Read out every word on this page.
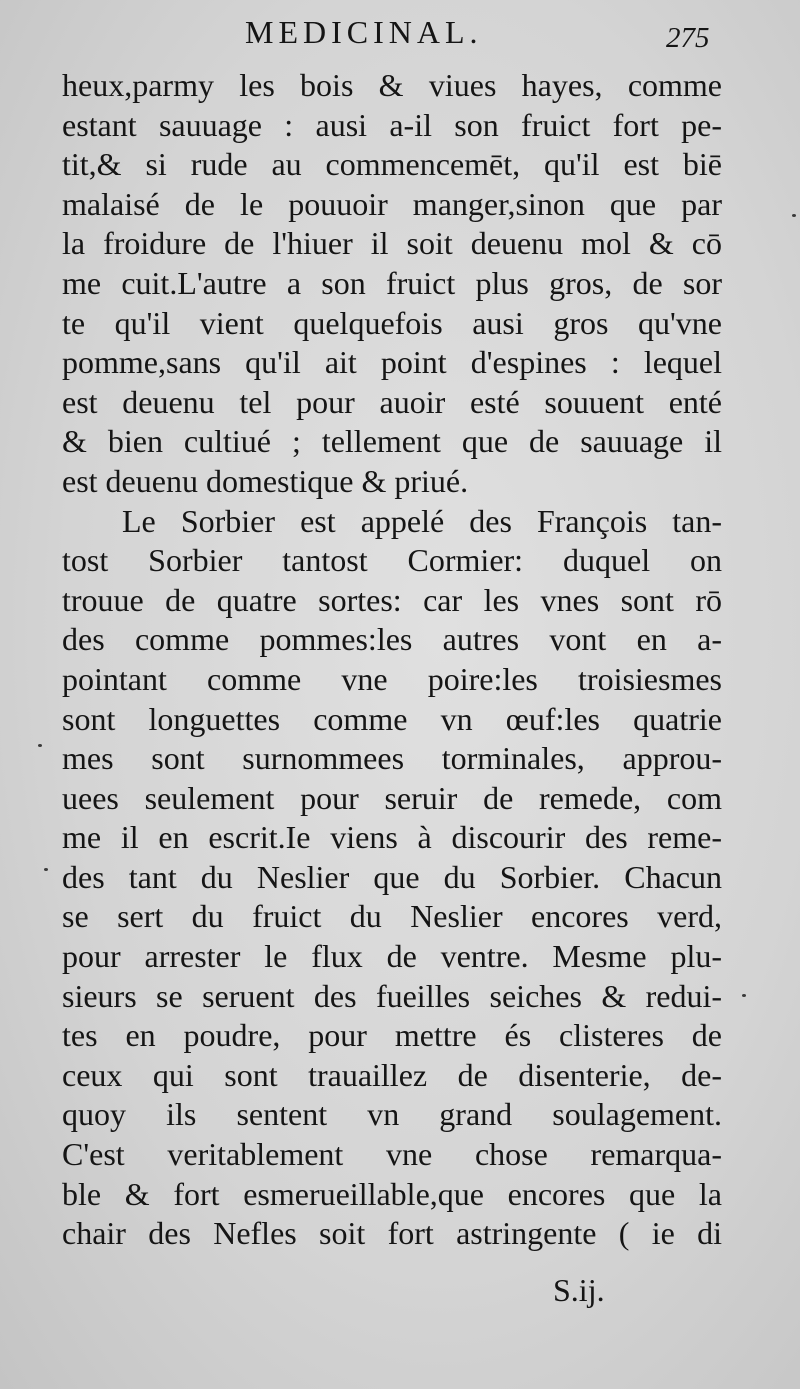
MEDICINAL.	275
heux,parmy les bois & viues hayes, comme
estant sauuage : ausi a-il son fruict fort pe-
tit,& si rude au commencemēt, qu'il est biē
malaisé de le pouuoir manger,sinon que par
la froidure de l'hiuer il soit deuenu mol & cō
me cuit.L'autre a son fruict plus gros, de sor
te qu'il vient quelquefois ausi gros qu'vne
pomme,sans qu'il ait point d'espines : lequel
est deuenu tel pour auoir esté souuent enté
& bien cultiué ; tellement que de sauuage il
est deuenu domestique & priué.
Le Sorbier est appelé des François tan-
tost Sorbier tantost Cormier: duquel on
trouue de quatre sortes: car les vnes sont rō
des comme pommes:les autres vont en a-
pointant comme vne poire:les troisiesmes
sont longuettes comme vn œuf:les quatrie
mes sont surnommees torminales, approu-
uees seulement pour seruir de remede, com
me il en escrit.Ie viens à discourir des reme-
des tant du Neslier que du Sorbier. Chacun
se sert du fruict du Neslier encores verd,
pour arrester le flux de ventre. Mesme plu-
sieurs se seruent des fueilles seiches & redui-
tes en poudre, pour mettre és clisteres de
ceux qui sont trauaillez de disenterie, de-
quoy ils sentent vn grand soulagement.
C'est veritablement vne chose remarqua-
ble & fort esmerueillable,que encores que la
chair des Nefles soit fort astringente ( ie di
S.ij.
